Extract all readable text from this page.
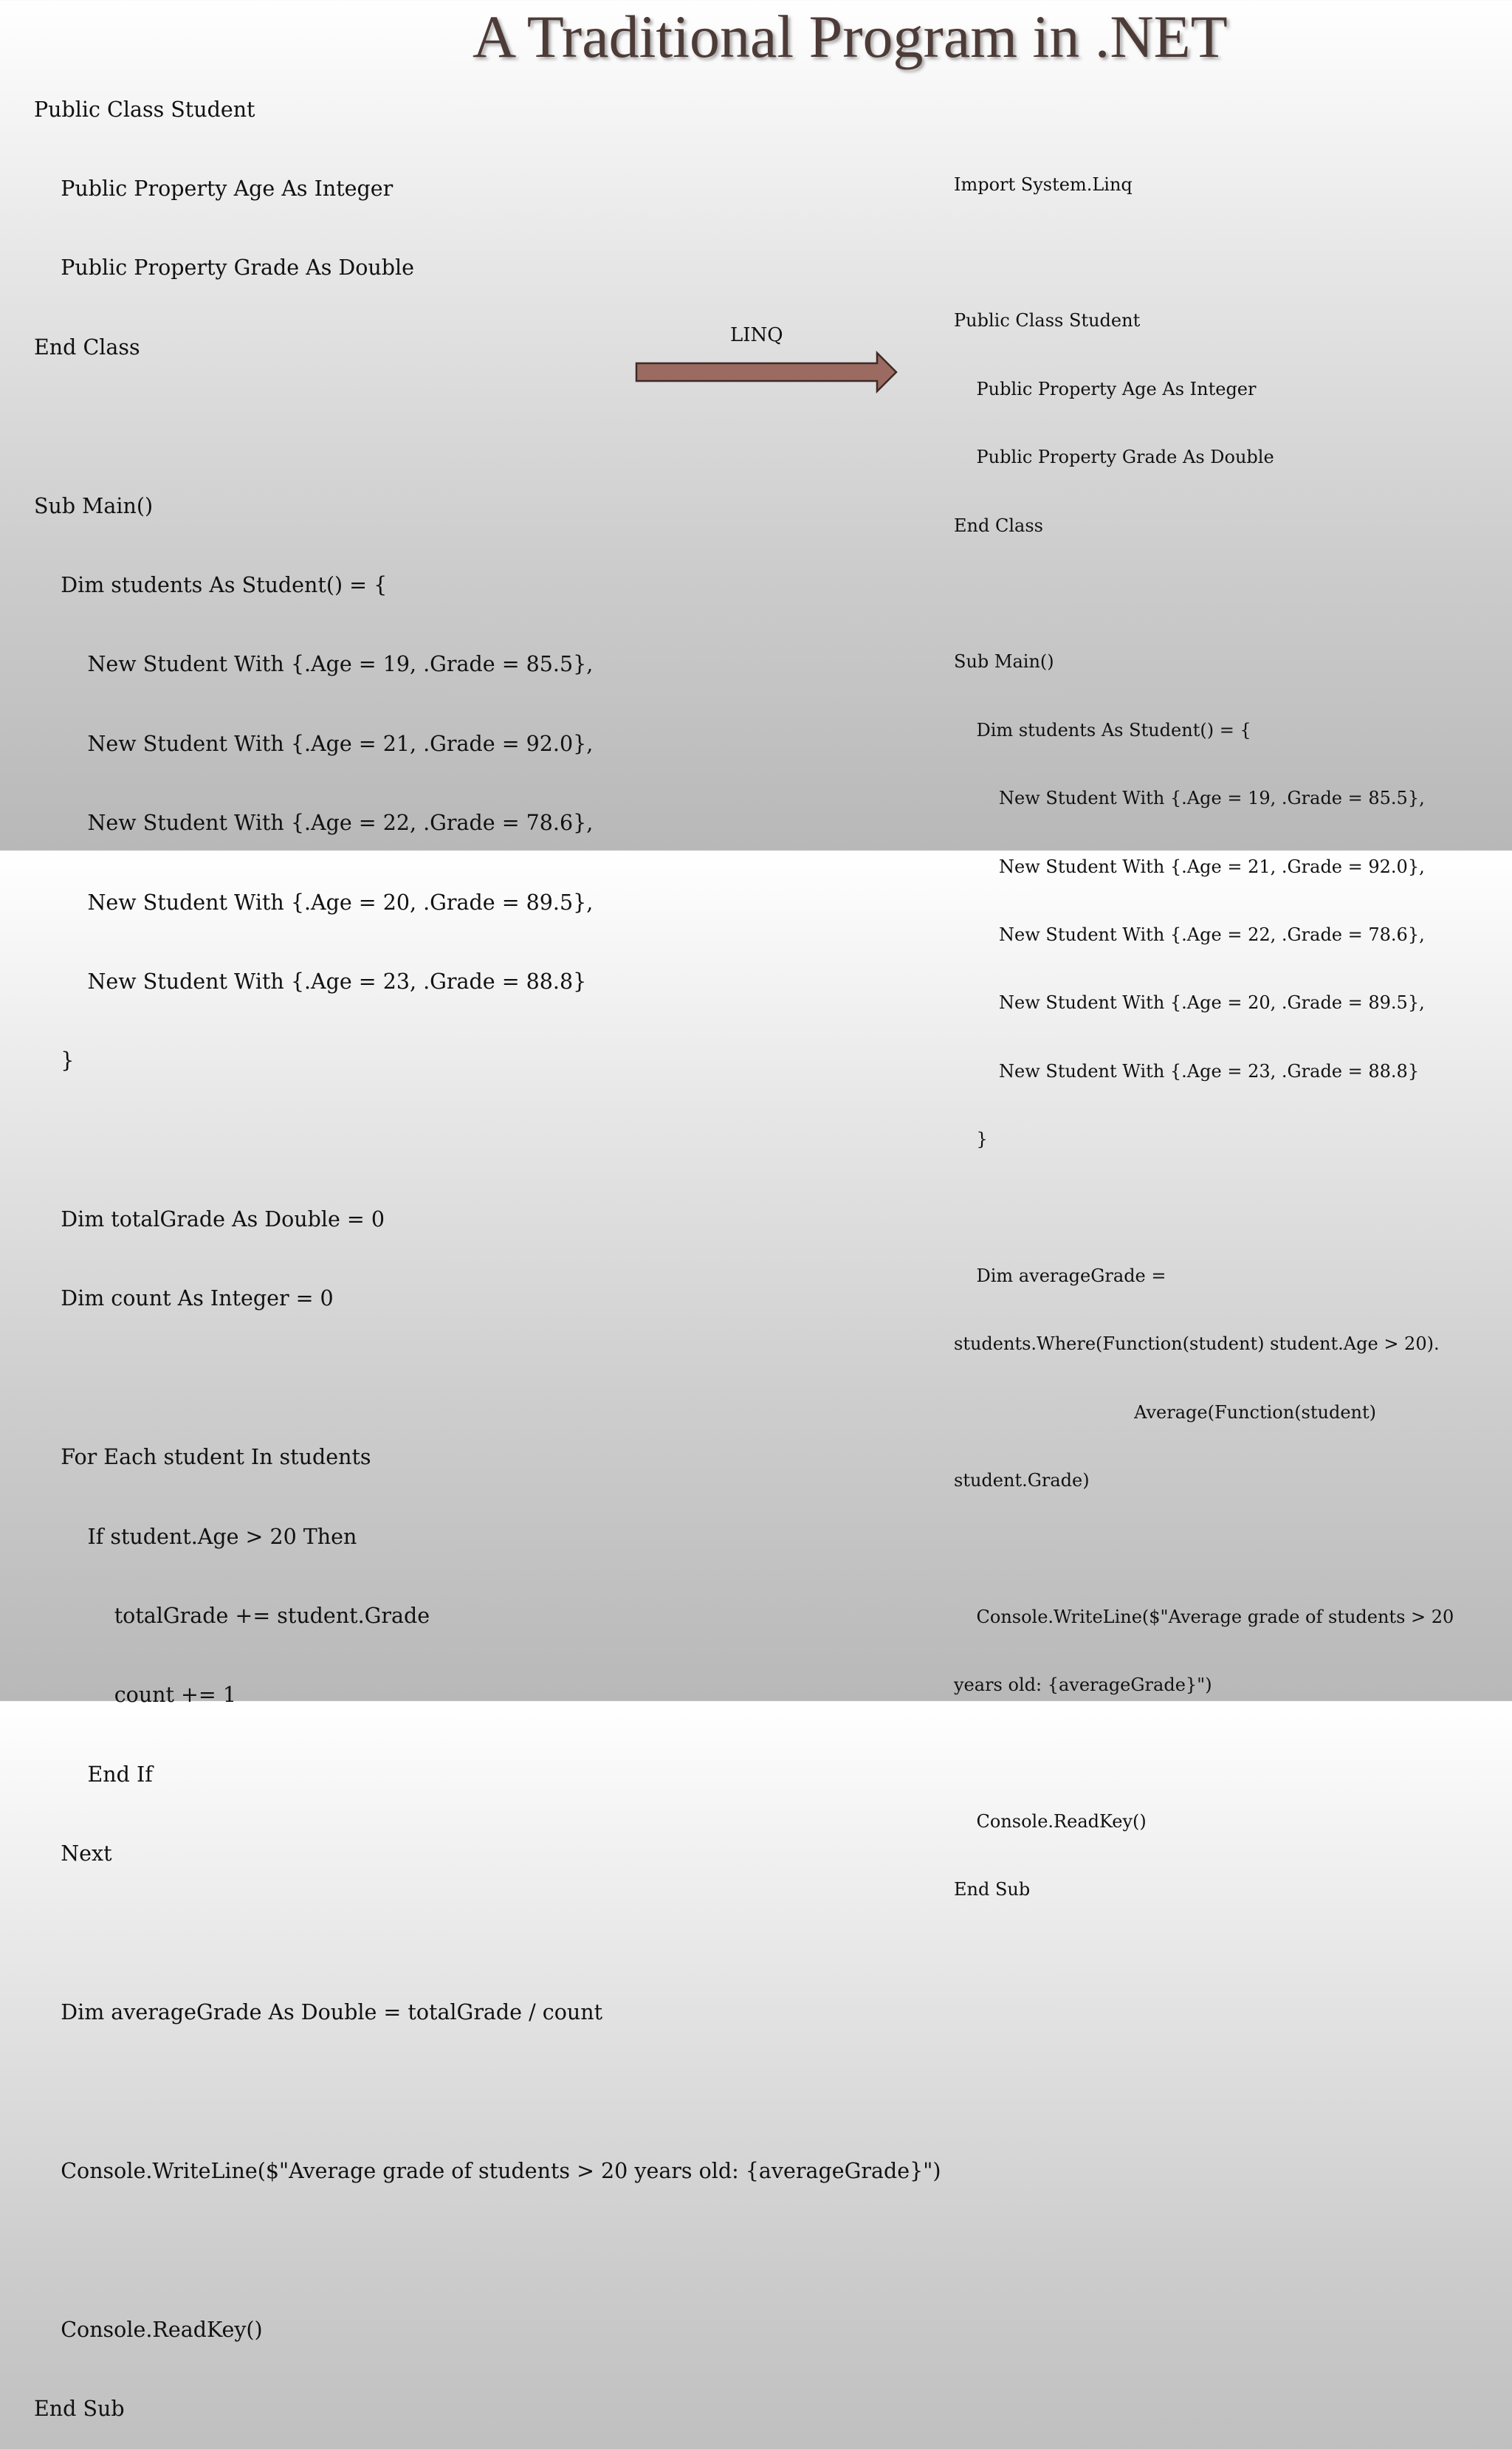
A Traditional Program in .NET

Public Class Student

Public Property Age As Integer

Public Property Grade As Double

End Class

Sub Main()

Dim students As Student() = {

New Student With {.Age = 19, .Grade = 85.5},

New Student With {.Age = 21, .Grade = 92.0},

New Student With {.Age = 22, .Grade = 78.6},

New Student With {.Age = 20, .Grade = 89.5},

New Student With {.Age = 23, .Grade = 88.8}

}

Dim totalGrade As Double = 0

Dim count As Integer = 0

For Each student In students

If student.Age > 20 Then

totalGrade += student.Grade

count += 1

End If

Next

Dim averageGrade As Double = totalGrade / count

Console.WriteLine($"Average grade of students > 20 years old: {averageGrade}")

Console.ReadKey()

End Sub

LINQ

Import System.Linq

Public Class Student

Public Property Age As Integer

Public Property Grade As Double

End Class

Sub Main()

Dim students As Student() = {

New Student With {.Age = 19, .Grade = 85.5},

New Student With {.Age = 21, .Grade = 92.0},

New Student With {.Age = 22, .Grade = 78.6},

New Student With {.Age = 20, .Grade = 89.5},

New Student With {.Age = 23, .Grade = 88.8}

}

Dim averageGrade =

students.Where(Function(student) student.Age > 20).

Average(Function(student)

student.Grade)

Console.WriteLine($"Average grade of students > 20

years old: {averageGrade}")

Console.ReadKey()

End Sub
